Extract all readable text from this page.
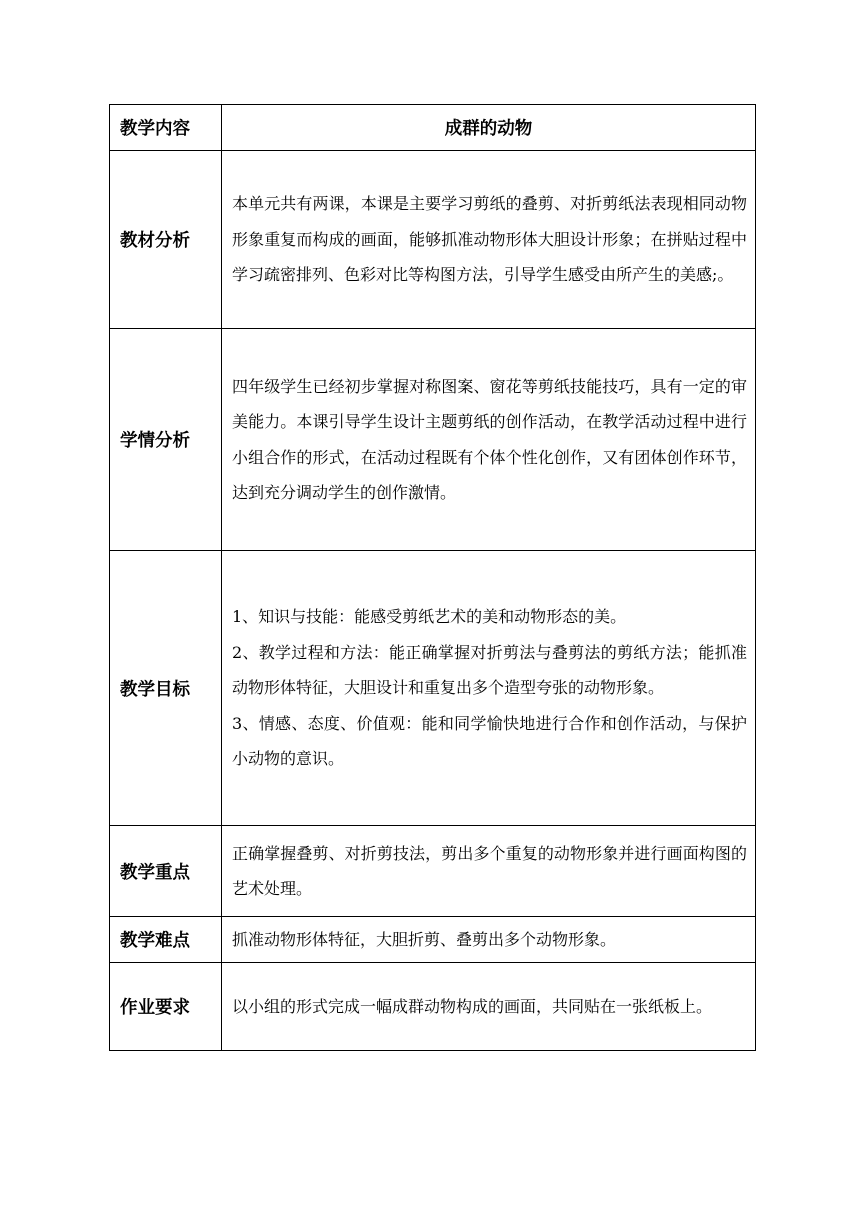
教学内容	成群的动物
教材分析	本单元共有两课，本课是主要学习剪纸的叠剪、对折剪纸法表现相同动物形象重复而构成的画面，能够抓准动物形体大胆设计形象；在拼贴过程中学习疏密排列、色彩对比等构图方法，引导学生感受由所产生的美感;。

学情分析	四年级学生已经初步掌握对称图案、窗花等剪纸技能技巧，具有一定的审美能力。本课引导学生设计主题剪纸的创作活动，在教学活动过程中进行小组合作的形式，在活动过程既有个体个性化创作，又有团体创作环节，达到充分调动学生的创作激情。

教学目标	1、知识与技能：能感受剪纸艺术的美和动物形态的美。

2、教学过程和方法：能正确掌握对折剪法与叠剪法的剪纸方法；能抓准动物形体特征，大胆设计和重复出多个造型夸张的动物形象。

3、情感、态度、价值观：能和同学愉快地进行合作和创作活动，与保护小动物的意识。

教学重点	正确掌握叠剪、对折剪技法，剪出多个重复的动物形象并进行画面构图的艺术处理。

教学难点	抓准动物形体特征，大胆折剪、叠剪出多个动物形象。

作业要求	以小组的形式完成一幅成群动物构成的画面，共同贴在一张纸板上。
